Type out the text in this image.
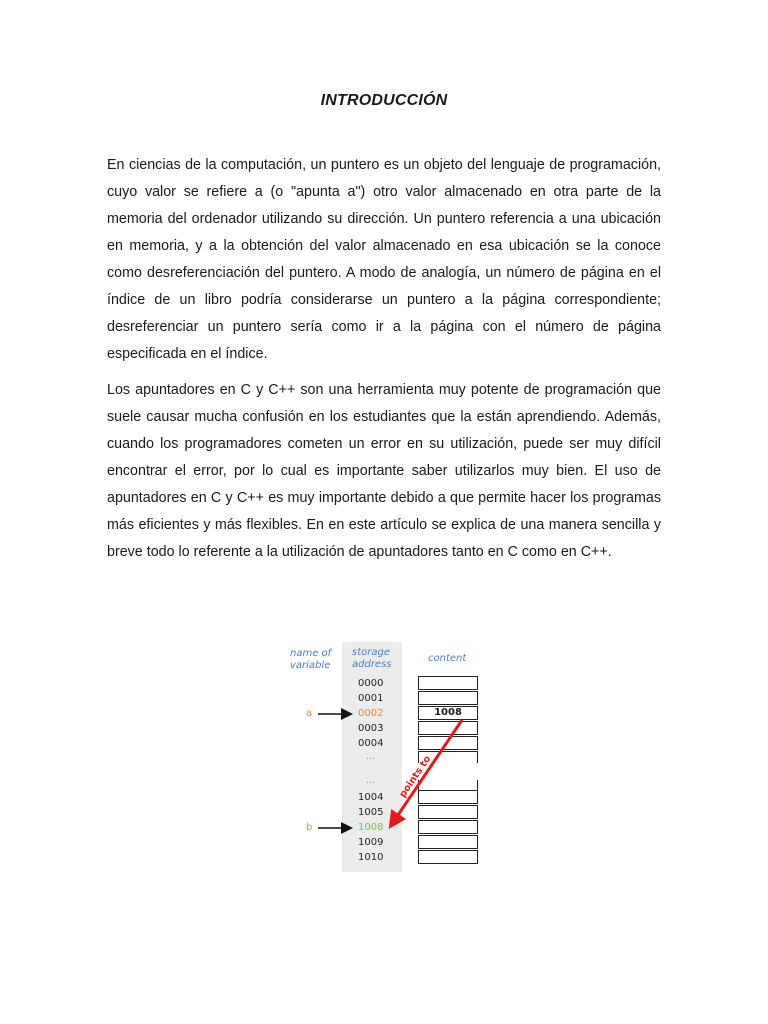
INTRODUCCIÓN

En ciencias de la computación, un puntero es un objeto del lenguaje de programación, cuyo valor se refiere a (o "apunta a") otro valor almacenado en otra parte de la memoria del ordenador utilizando su dirección. Un puntero referencia a una ubicación en memoria, y a la obtención del valor almacenado en esa ubicación se la conoce como desreferenciación del puntero. A modo de analogía, un número de página en el índice de un libro podría considerarse un puntero a la página correspondiente; desreferenciar un puntero sería como ir a la página con el número de página especificada en el índice.

Los apuntadores en C y C++ son una herramienta muy potente de programación que suele causar mucha confusión en los estudiantes que la están aprendiendo. Además, cuando los programadores cometen un error en su utilización, puede ser muy difícil encontrar el error, por lo cual es importante saber utilizarlos muy bien. El uso de apuntadores en C y C++ es muy importante debido a que permite hacer los programas más eficientes y más flexibles. En en este artículo se explica de una manera sencilla y breve todo lo referente a la utilización de apuntadores tanto en C como en C++.

name of
variable
storage
address
content
0000
0001
0002
0003
0004
...
...
1004
1005
1008
1009
1010
1008
a
b
points to
